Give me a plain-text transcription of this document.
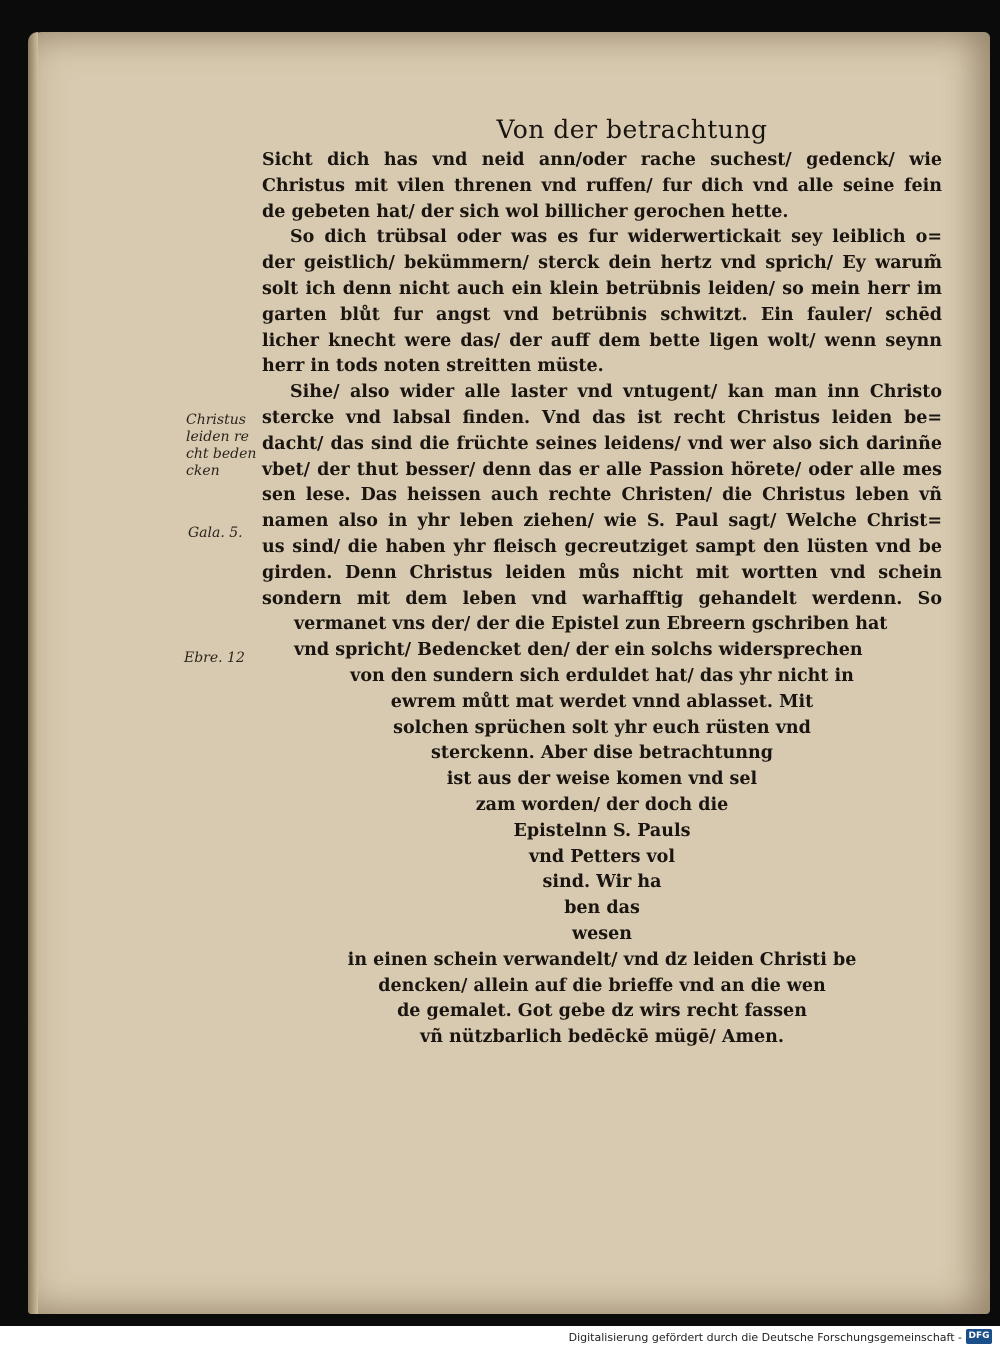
Von der betrachtung
Sicht dich has vnd neid ann/oder rache suchest/ gedenck/ wie
Christus mit vilen threnen vnd ruffen/ fur dich vnd alle seine fein
de gebeten hat/ der sich wol billicher gerochen hette.
So dich trübsal oder was es fur widerwertickait sey leiblich o=
der geistlich/ bekümmern/ sterck dein hertz vnd sprich/ Ey warum̃
solt ich denn nicht auch ein klein betrübnis leiden/ so mein herr im
garten blůt fur angst vnd betrübnis schwitzt. Ein fauler/ schēd
licher knecht were das/ der auff dem bette ligen wolt/ wenn seynn
herr in tods noten streitten müste.
Sihe/ also wider alle laster vnd vntugent/ kan man inn Christo
stercke vnd labsal finden. Vnd das ist recht Christus leiden be=
dacht/ das sind die früchte seines leidens/ vnd wer also sich darinñe
vbet/ der thut besser/ denn das er alle Passion hörete/ oder alle mes
sen lese. Das heissen auch rechte Christen/ die Christus leben vñ
namen also in yhr leben ziehen/ wie S. Paul sagt/ Welche Christ=
us sind/ die haben yhr fleisch gecreutziget sampt den lüsten vnd be
girden. Denn Christus leiden můs nicht mit wortten vnd schein
sondern mit dem leben vnd warhafftig gehandelt werdenn. So
vermanet vns der/ der die Epistel zun Ebreern gschriben hat
vnd spricht/ Bedencket den/ der ein solchs widersprechen
von den sundern sich erduldet hat/ das yhr nicht in
ewrem můtt mat werdet vnnd ablasset. Mit
solchen sprüchen solt yhr euch rüsten vnd
sterckenn. Aber dise betrachtunng
ist aus der weise komen vnd sel
zam worden/ der doch die
Epistelnn S. Pauls
vnd Petters vol
sind. Wir ha
ben das
wesen
in einen schein verwandelt/ vnd dz leiden Christi be
dencken/ allein auf die brieffe vnd an die wen
de gemalet. Got gebe dz wirs recht fassen
vñ nützbarlich bedēckē mügē/ Amen.
Christus
leiden re
cht beden
cken
Gala. 5.
Ebre. 12
Digitalisierung gefördert durch die Deutsche Forschungsgemeinschaft - DFG
